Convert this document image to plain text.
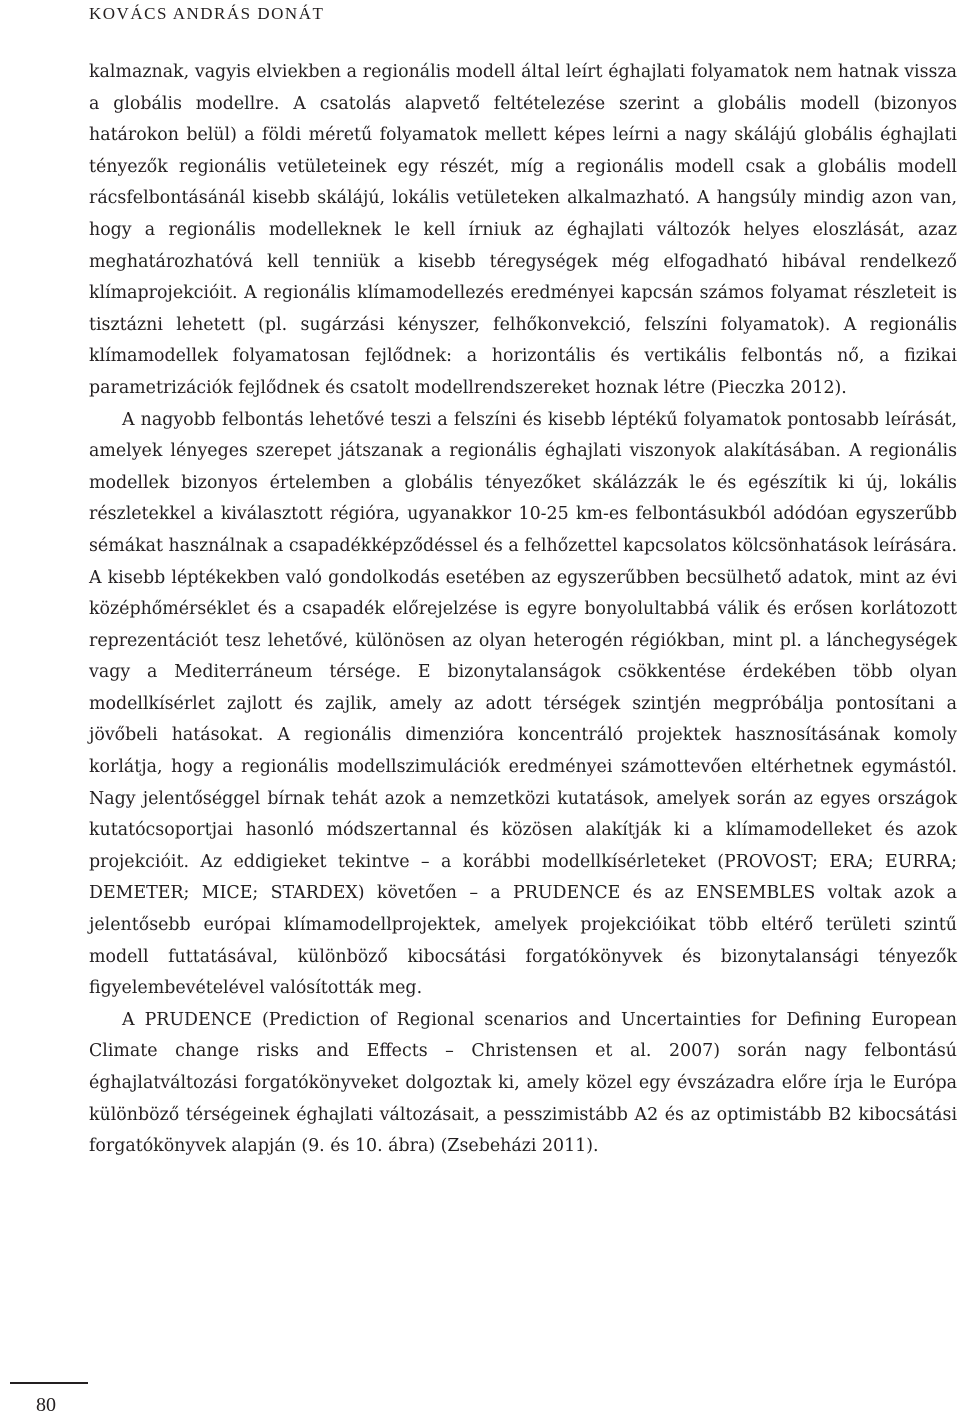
KOVÁCS ANDRÁS DONÁT

kalmaznak, vagyis elviekben a regionális modell által leírt éghajlati folyamatok nem hatnak vissza a globális modellre. A csatolás alapvető feltételezése szerint a globális modell (bizonyos határokon belül) a földi méretű folyamatok mellett képes leírni a nagy skálájú globális éghajlati tényezők regionális vetületeinek egy részét, míg a regionális modell csak a globális modell rácsfelbontásánál kisebb skálájú, lokális vetületeken alkalmazható. A hangsúly mindig azon van, hogy a regionális modelleknek le kell írniuk az éghajlati változók helyes eloszlását, azaz meghatározhatóvá kell tenniük a kisebb téregységek még elfogadható hibával rendelkező klímaprojekcióit. A regionális klímamodellezés eredményei kapcsán számos folyamat részleteit is tisztázni lehetett (pl. sugárzási kényszer, felhőkonvekció, felszíni folyamatok). A regionális klímamodellek folyamatosan fejlődnek: a horizontális és vertikális felbontás nő, a fizikai parametrizációk fejlődnek és csatolt modellrendszereket hoznak létre (Pieczka 2012).

A nagyobb felbontás lehetővé teszi a felszíni és kisebb léptékű folyamatok pontosabb leírását, amelyek lényeges szerepet játszanak a regionális éghajlati viszonyok alakításában. A regionális modellek bizonyos értelemben a globális tényezőket skálázzák le és egészítik ki új, lokális részletekkel a kiválasztott régióra, ugyanakkor 10-25 km-es felbontásukból adódóan egyszerűbb sémákat használnak a csapadékképződéssel és a felhőzettel kapcsolatos kölcsönhatások leírására. A kisebb léptékekben való gondolkodás esetében az egyszerűbben becsülhető adatok, mint az évi középhőmérséklet és a csapadék előrejelzése is egyre bonyolultabbá válik és erősen korlátozott reprezentációt tesz lehetővé, különösen az olyan heterogén régiókban, mint pl. a lánchegységek vagy a Mediterráneum térsége. E bizonytalanságok csökkentése érdekében több olyan modellkísérlet zajlott és zajlik, amely az adott térségek szintjén megpróbálja pontosítani a jövőbeli hatásokat. A regionális dimenzióra koncentráló projektek hasznosításának komoly korlátja, hogy a regionális modellszimulációk eredményei számottevően eltérhetnek egymástól. Nagy jelentőséggel bírnak tehát azok a nemzetközi kutatások, amelyek során az egyes országok kutatócsoportjai hasonló módszertannal és közösen alakítják ki a klímamodelleket és azok projekcióit. Az eddigieket tekintve – a korábbi modellkísérleteket (PROVOST; ERA; EURRA; DEMETER; MICE; STARDEX) követően – a PRUDENCE és az ENSEMBLES voltak azok a jelentősebb európai klímamodellprojektek, amelyek projekcióikat több eltérő területi szintű modell futtatásával, különböző kibocsátási forgatókönyvek és bizonytalansági tényezők figyelembevételével valósították meg.

A PRUDENCE (Prediction of Regional scenarios and Uncertainties for Defining European Climate change risks and Effects – Christensen et al. 2007) során nagy felbontású éghajlatváltozási forgatókönyveket dolgoztak ki, amely közel egy évszázadra előre írja le Európa különböző térségeinek éghajlati változásait, a pesszimistább A2 és az optimistább B2 kibocsátási forgatókönyvek alapján (9. és 10. ábra) (Zsebeházi 2011).

80
